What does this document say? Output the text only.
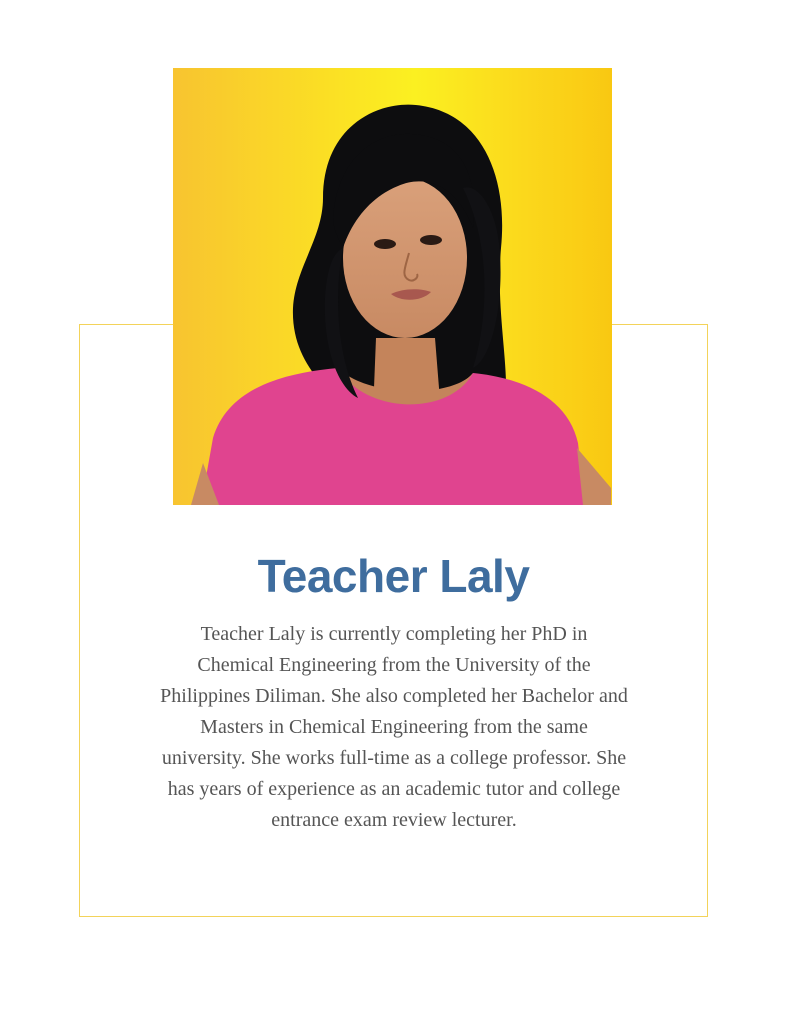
Teacher Laly

Teacher Laly is currently completing her PhD in Chemical Engineering from the University of the Philippines Diliman. She also completed her Bachelor and Masters in Chemical Engineering from the same university. She works full-time as a college professor. She has years of experience as an academic tutor and college entrance exam review lecturer.
